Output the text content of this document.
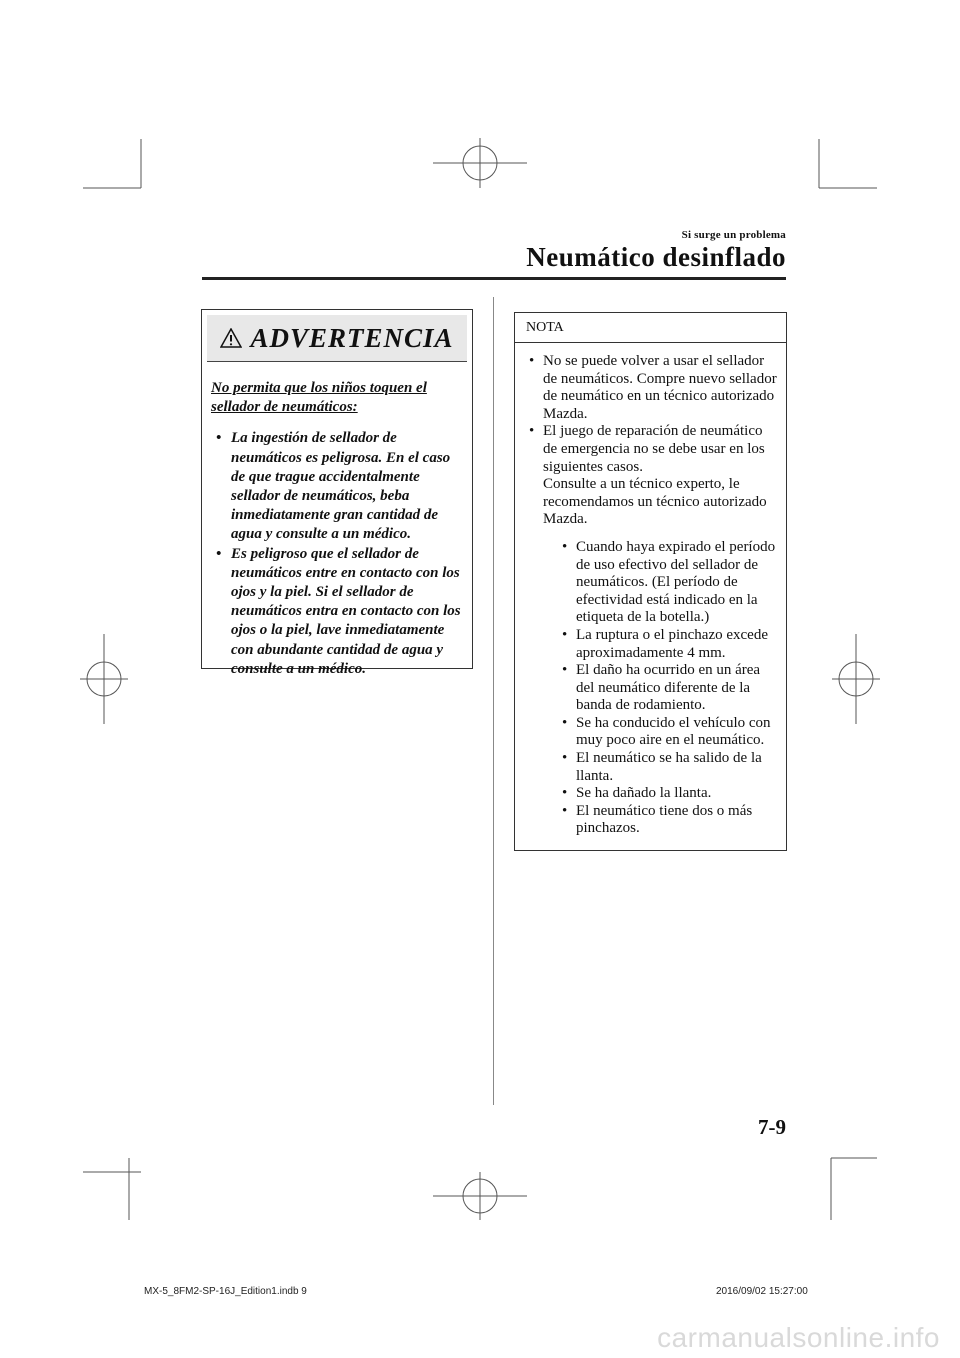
Si surge un problema
Neumático desinflado
ADVERTENCIA
No permita que los niños toquen el sellador de neumáticos:
• La ingestión de sellador de neumáticos es peligrosa. En el caso de que trague accidentalmente sellador de neumáticos, beba inmediatamente gran cantidad de agua y consulte a un médico.
• Es peligroso que el sellador de neumáticos entre en contacto con los ojos y la piel. Si el sellador de neumáticos entra en contacto con los ojos o la piel, lave inmediatamente con abundante cantidad de agua y consulte a un médico.
NOTA
• No se puede volver a usar el sellador de neumáticos. Compre nuevo sellador de neumático en un técnico autorizado Mazda.
• El juego de reparación de neumático de emergencia no se debe usar en los siguientes casos.
Consulte a un técnico experto, le recomendamos un técnico autorizado Mazda.
• Cuando haya expirado el período de uso efectivo del sellador de neumáticos. (El período de efectividad está indicado en la etiqueta de la botella.)
• La ruptura o el pinchazo excede aproximadamente 4 mm.
• El daño ha ocurrido en un área del neumático diferente de la banda de rodamiento.
• Se ha conducido el vehículo con muy poco aire en el neumático.
• El neumático se ha salido de la llanta.
• Se ha dañado la llanta.
• El neumático tiene dos o más pinchazos.
7-9
MX-5_8FM2-SP-16J_Edition1.indb 9	2016/09/02 15:27:00
carmanualsonline.info
